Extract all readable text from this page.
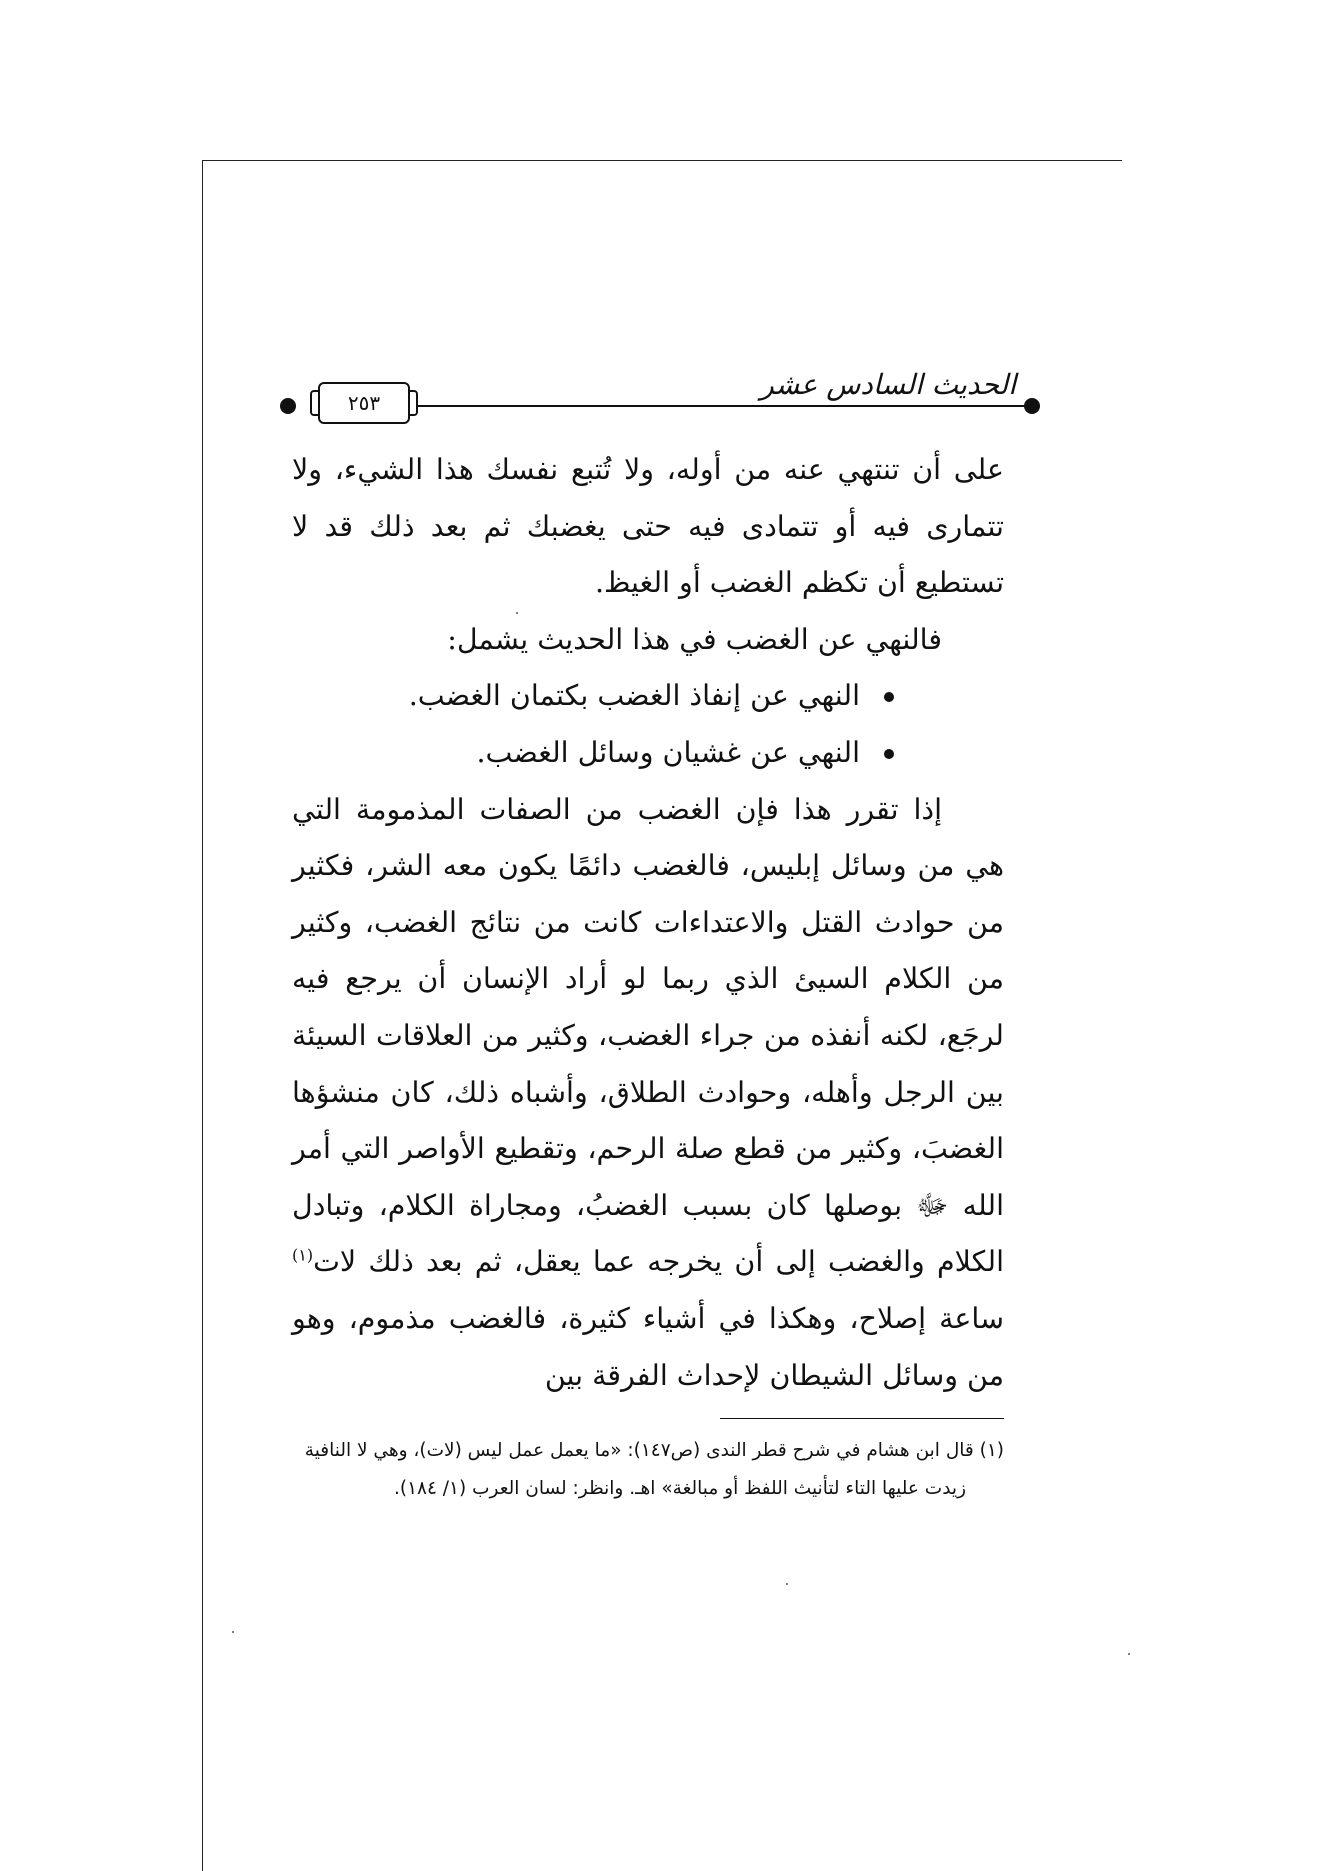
٢٥٣
الحديث السادس عشر

على أن تنتهي عنه من أوله، ولا تُتبع نفسك هذا الشيء، ولا تتمارى فيه أو تتمادى فيه حتى يغضبك ثم بعد ذلك قد لا تستطيع أن تكظم الغضب أو الغيظ.

فالنهي عن الغضب في هذا الحديث يشمل:

النهي عن إنفاذ الغضب بكتمان الغضب.
النهي عن غشيان وسائل الغضب.

إذا تقرر هذا فإن الغضب من الصفات المذمومة التي هي من وسائل إبليس، فالغضب دائمًا يكون معه الشر، فكثير من حوادث القتل والاعتداءات كانت من نتائج الغضب، وكثير من الكلام السيئ الذي ربما لو أراد الإنسان أن يرجع فيه لرجَع، لكنه أنفذه من جراء الغضب، وكثير من العلاقات السيئة بين الرجل وأهله، وحوادث الطلاق، وأشباه ذلك، كان منشؤها الغضبَ، وكثير من قطع صلة الرحم، وتقطيع الأواصر التي أمر الله ﷻ بوصلها كان بسبب الغضبُ، ومجاراة الكلام، وتبادل الكلام والغضب إلى أن يخرجه عما يعقل، ثم بعد ذلك لات$^{(١)}$ ساعة إصلاح، وهكذا في أشياء كثيرة، فالغضب مذموم، وهو من وسائل الشيطان لإحداث الفرقة بين

(١) قال ابن هشام في شرح قطر الندى (ص١٤٧): «ما يعمل عمل ليس (لات)، وهي لا النافية

زيدت عليها التاء لتأنيث اللفظ أو مبالغة» اهـ. وانظر: لسان العرب (١/ ١٨٤).
